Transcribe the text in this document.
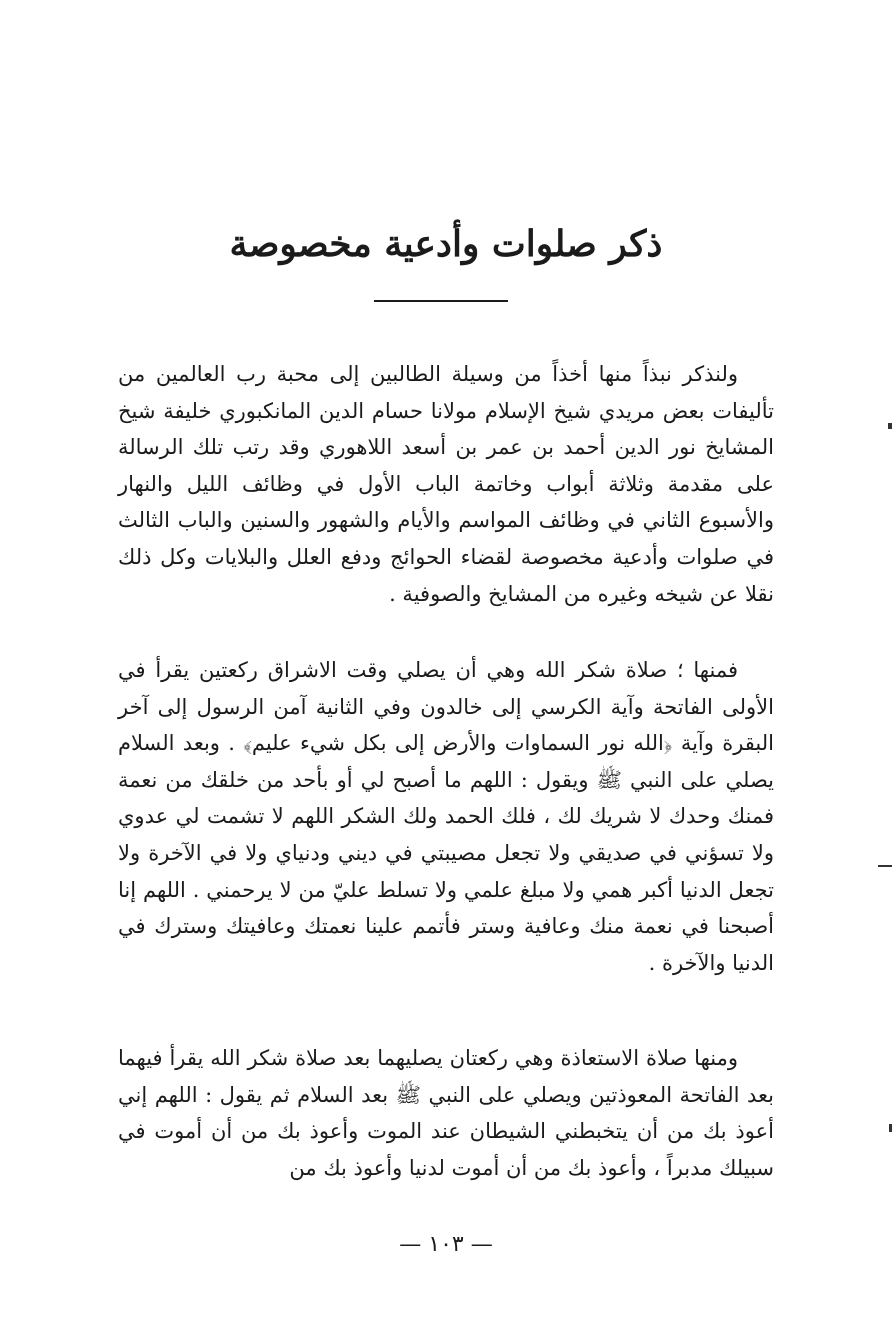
ذكر صلوات وأدعية مخصوصة

ولنذكر نبذاً منها أخذاً من وسيلة الطالبين إلى محبة رب العالمين من تأليفات بعض مريدي شيخ الإسلام مولانا حسام الدين المانكبوري خليفة شيخ المشايخ نور الدين أحمد بن عمر بن أسعد اللاهوري وقد رتب تلك الرسالة على مقدمة وثلاثة أبواب وخاتمة الباب الأول في وظائف الليل والنهار والأسبوع الثاني في وظائف المواسم والأيام والشهور والسنين والباب الثالث في صلوات وأدعية مخصوصة لقضاء الحوائج ودفع العلل والبلايات وكل ذلك نقلا عن شيخه وغيره من المشايخ والصوفية .

فمنها ؛ صلاة شكر الله وهي أن يصلي وقت الاشراق ركعتين يقرأ في الأولى الفاتحة وآية الكرسي إلى خالدون وفي الثانية آمن الرسول إلى آخر البقرة وآية ﴿الله نور السماوات والأرض إلى بكل شيء عليم﴾ . وبعد السلام يصلي على النبي ﷺ ويقول : اللهم ما أصبح لي أو بأحد من خلقك من نعمة فمنك وحدك لا شريك لك ، فلك الحمد ولك الشكر اللهم لا تشمت لي عدوي ولا تسؤني في صديقي ولا تجعل مصيبتي في ديني ودنياي ولا في الآخرة ولا تجعل الدنيا أكبر همي ولا مبلغ علمي ولا تسلط عليّ من لا يرحمني . اللهم إنا أصبحنا في نعمة منك وعافية وستر فأتمم علينا نعمتك وعافيتك وسترك في الدنيا والآخرة .

ومنها صلاة الاستعاذة وهي ركعتان يصليهما بعد صلاة شكر الله يقرأ فيهما بعد الفاتحة المعوذتين ويصلي على النبي ﷺ بعد السلام ثم يقول : اللهم إني أعوذ بك من أن يتخبطني الشيطان عند الموت وأعوذ بك من أن أموت في سبيلك مدبراً ، وأعوذ بك من أن أموت لدنيا وأعوذ بك من

— ١٠٣ —
